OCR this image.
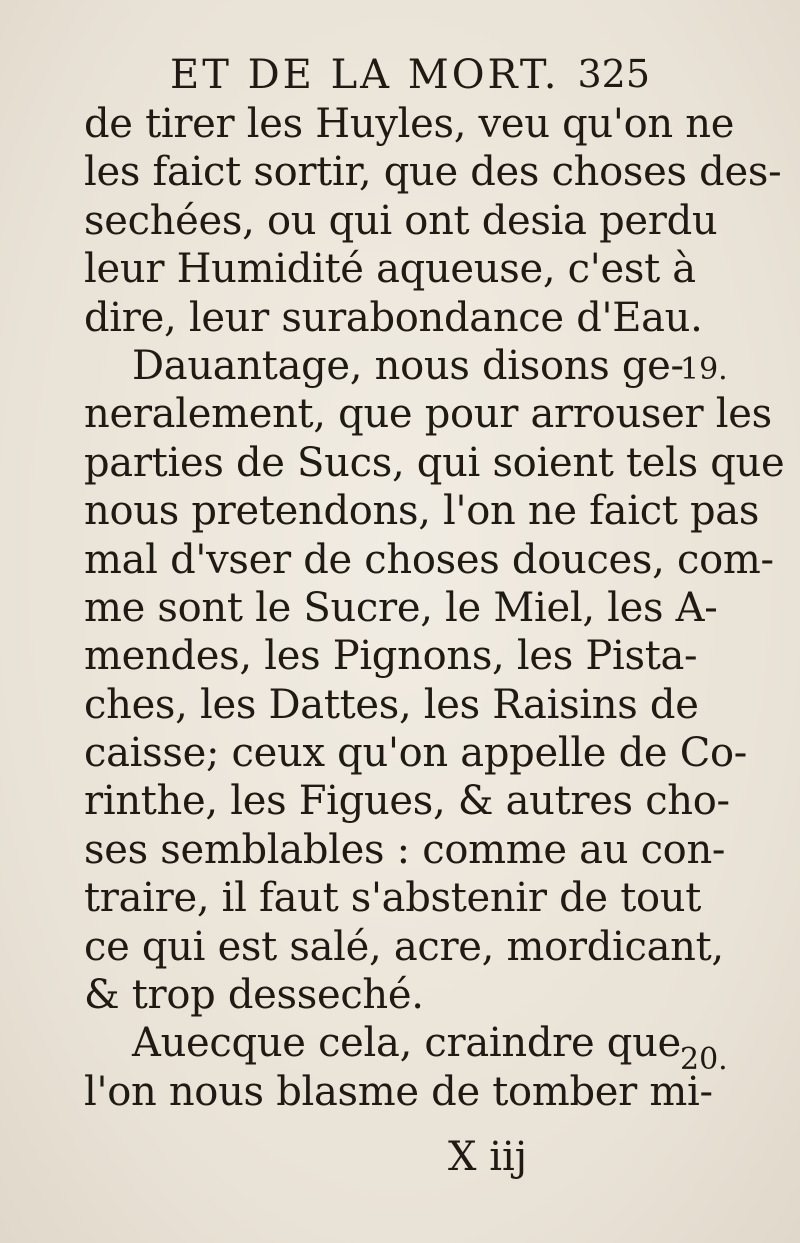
ET DE LA MORT. 325
de tirer les Huyles, veu qu'on ne
les faict sortir, que des choses des-
sechées, ou qui ont desia perdu
leur Humidité aqueuse, c'est à
dire, leur surabondance d'Eau.
Dauantage, nous disons ge-
neralement, que pour arrouser les
parties de Sucs, qui soient tels que
nous pretendons, l'on ne faict pas
mal d'vser de choses douces, com-
me sont le Sucre, le Miel, les A-
mendes, les Pignons, les Pista-
ches, les Dattes, les Raisins de
caisse; ceux qu'on appelle de Co-
rinthe, les Figues, & autres cho-
ses semblables : comme au con-
traire, il faut s'abstenir de tout
ce qui est salé, acre, mordicant,
& trop desseché.
Auecque cela, craindre que
l'on nous blasme de tomber mi-
19.
20.
X iij
